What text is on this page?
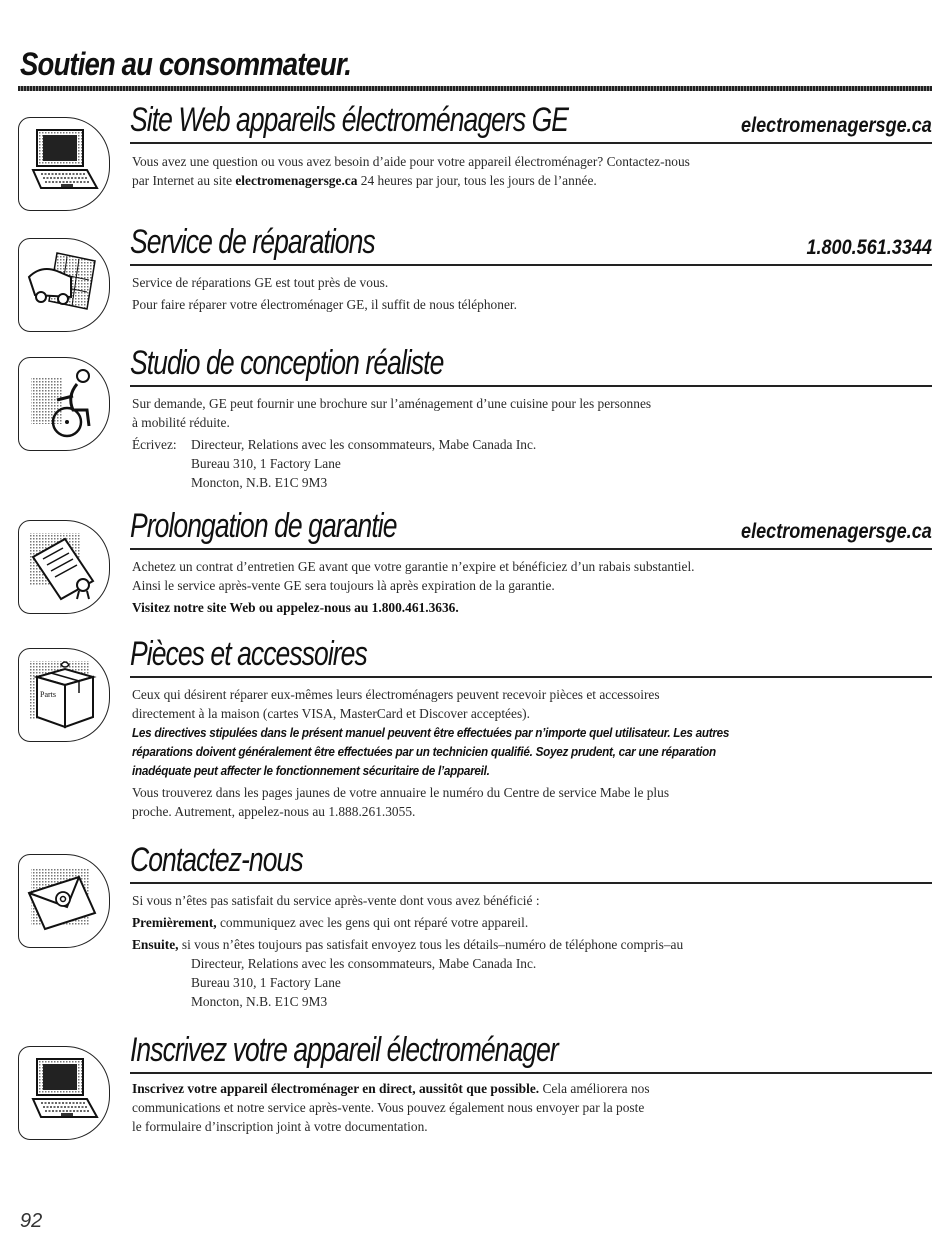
Soutien au consommateur.
Site Web appareils électroménagers GE	electromenagersge.ca

Vous avez une question ou vous avez besoin d’aide pour votre appareil électroménager? Contactez-nous

par Internet au site electromenagersge.ca 24 heures par jour, tous les jours de l’année.

Service de réparations	1.800.561.3344

Service de réparations GE est tout près de vous.

Pour faire réparer votre électroménager GE, il suffit de nous téléphoner.

Studio de conception réaliste

Sur demande, GE peut fournir une brochure sur l’aménagement d’une cuisine pour les personnes

à mobilité réduite.

Écrivez: Directeur, Relations avec les consommateurs, Mabe Canada Inc.

Bureau 310, 1 Factory Lane

Moncton, N.B. E1C 9M3

Prolongation de garantie	electromenagersge.ca

Achetez un contrat d’entretien GE avant que votre garantie n’expire et bénéficiez d’un rabais substantiel.

Ainsi le service après-vente GE sera toujours là après expiration de la garantie.

Visitez notre site Web ou appelez-nous au 1.800.461.3636.

Parts
Pièces et accessoires

Ceux qui désirent réparer eux-mêmes leurs électroménagers peuvent recevoir pièces et accessoires

directement à la maison (cartes VISA, MasterCard et Discover acceptées).

Les directives stipulées dans le présent manuel peuvent être effectuées par n’importe quel utilisateur. Les autres

réparations doivent généralement être effectuées par un technicien qualifié. Soyez prudent, car une réparation

inadéquate peut affecter le fonctionnement sécuritaire de l’appareil.

Vous trouverez dans les pages jaunes de votre annuaire le numéro du Centre de service Mabe le plus

proche. Autrement, appelez-nous au 1.888.261.3055.

Contactez-nous

Si vous n’êtes pas satisfait du service après-vente dont vous avez bénéficié :

Premièrement, communiquez avec les gens qui ont réparé votre appareil.

Ensuite, si vous n’êtes toujours pas satisfait envoyez tous les détails–numéro de téléphone compris–au

Directeur, Relations avec les consommateurs, Mabe Canada Inc.

Bureau 310, 1 Factory Lane

Moncton, N.B. E1C 9M3

Inscrivez votre appareil électroménager

Inscrivez votre appareil électroménager en direct, aussitôt que possible. Cela améliorera nos

communications et notre service après-vente. Vous pouvez également nous envoyer par la poste

le formulaire d’inscription joint à votre documentation.

92
